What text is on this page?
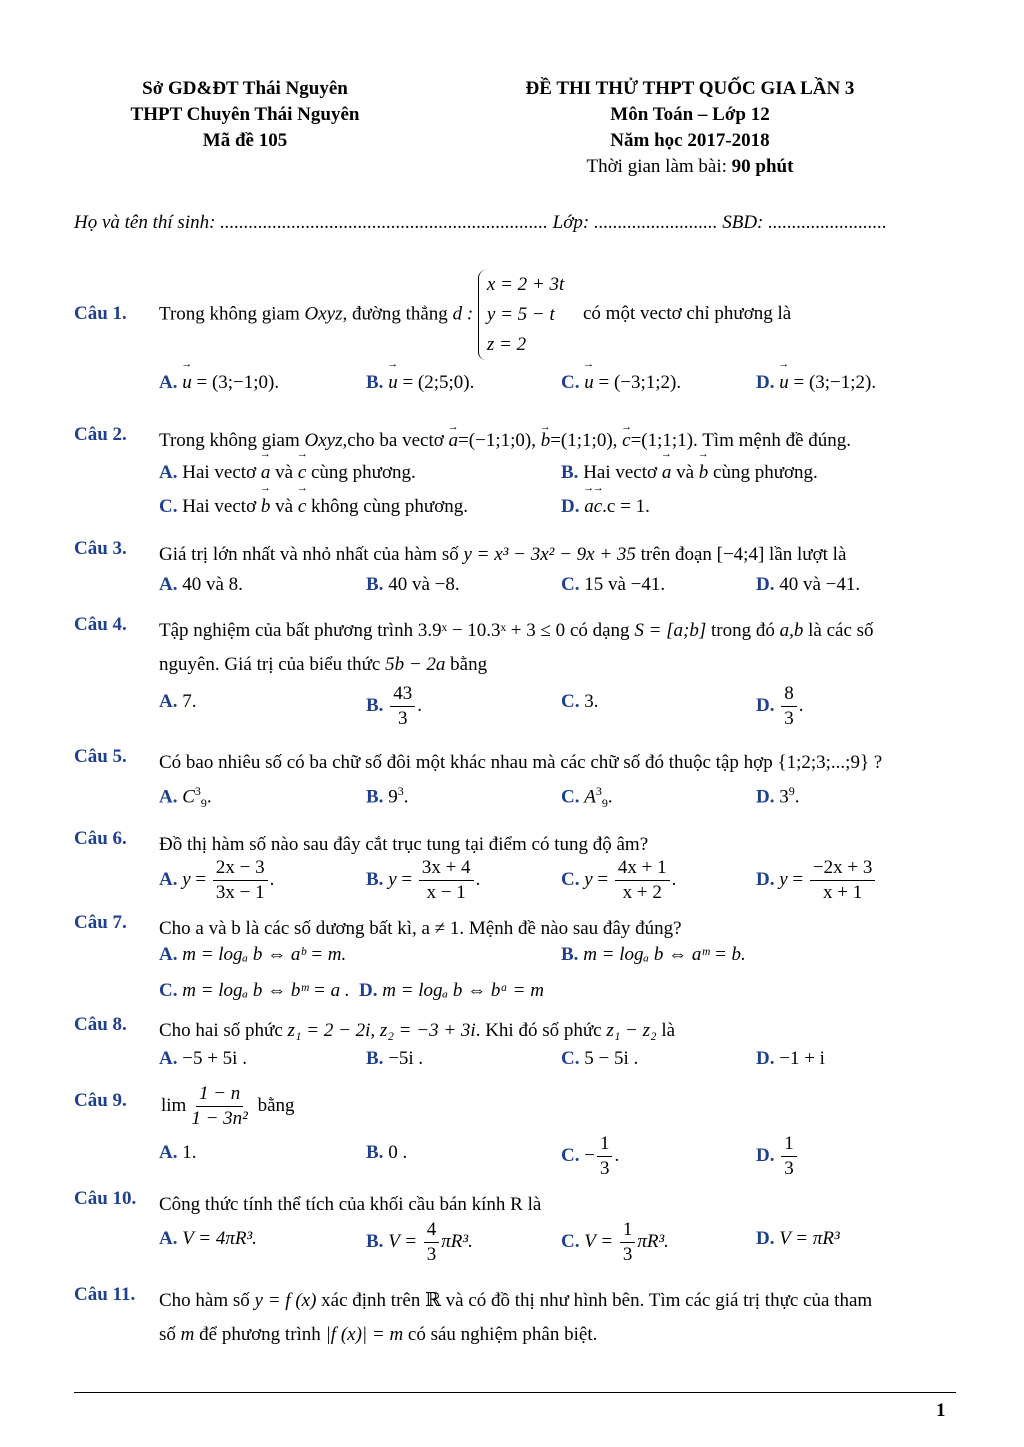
Sở GD&ĐT Thái Nguyên
THPT Chuyên Thái Nguyên
Mã đề 105
ĐỀ THI THỬ THPT QUỐC GIA LẦN 3
Môn Toán – Lớp 12
Năm học 2017-2018
Thời gian làm bài: 90 phút
Họ và tên thí sinh: ..................................................................... Lớp: .......................... SBD: .........................
Câu 1. Trong không giam Oxyz, đường thẳng d :
x = 2 + 3t
y = 5 − t
z = 2
có một vectơ chỉ phương là
A. → u = (3;−1;0).	B. → u = (2;5;0).	C. → u = (−3;1;2).	D. → u = (3;−1;2).
Câu 2. Trong không giam Oxyz,cho ba vectơ → a=(−1;1;0), → b=(1;1;0), → c=(1;1;1). Tìm mệnh đề đúng.
A. Hai vectơ → a và → c cùng phương.	B. Hai vectơ → a và → b cùng phương.
C. Hai vectơ → b và → c không cùng phương.	D. → a→ c.c = 1.
Câu 3. Giá trị lớn nhất và nhỏ nhất của hàm số y = x³ − 3x² − 9x + 35 trên đoạn [−4;4] lần lượt là
A. 40 và 8.	B. 40 và −8.	C. 15 và −41.	D. 40 và −41.
Câu 4. Tập nghiệm của bất phương trình 3.9ˣ − 10.3ˣ + 3 ≤ 0 có dạng S = [a;b] trong đó a,b là các số
nguyên. Giá trị của biểu thức 5b − 2a bằng
A. 7.	B. $\frac{43}{3}$ .	C. 3.	D. $\frac{8}{3}$ .
Câu 5. Có bao nhiêu số có ba chữ số đôi một khác nhau mà các chữ số đó thuộc tập hợp {1;2;3;...;9} ?
A. $C^3_9$.	B. $9^3$.	C. $A^3_9$.	D. $3^9$.
Câu 6. Đồ thị hàm số nào sau đây cắt trục tung tại điểm có tung độ âm?
A. $y = \frac{2x - 3}{3x - 1}$ .	B. $y = \frac{3x + 4}{x - 1}$ .	C. $y = \frac{4x + 1}{x + 2}$ .	D. $y = \frac{-2x + 3}{x + 1}$
Câu 7. Cho a và b là các số dương bất kì, a ≠ 1. Mệnh đề nào sau đây đúng?
A. m = logₐ b ⇔ aᵇ = m.	B. m = logₐ b ⇔ aᵐ = b.
C. m = logₐ b ⇔ bᵐ = a . D. m = logₐ b ⇔ bᵃ = m
Câu 8. Cho hai số phức z₁ = 2 − 2i, z₂ = −3 + 3i. Khi đó số phức z₁ − z₂ là
A. −5 + 5i .	B. −5i .	C. 5 − 5i .	D. −1 + i
Câu 9. $\lim \frac{1 - n}{\text{1 − 3n²}}$ bằng
A. 1.	B. 0 .	C. − $\frac{1}{3}$ .	D. $\frac{1}{3}$
Câu 10. Công thức tính thể tích của khối cầu bán kính R là
A. V = 4πR³.	B. $V = \frac{4}{3} \pi R^3$.	C. $V = \frac{1}{3} \pi R^3$.	D. V = πR³
Câu 11. Cho hàm số y = f (x) xác định trên ℝ và có đồ thị như hình bên. Tìm các giá trị thực của tham
số m để phương trình |f (x)| = m có sáu nghiệm phân biệt.
1
